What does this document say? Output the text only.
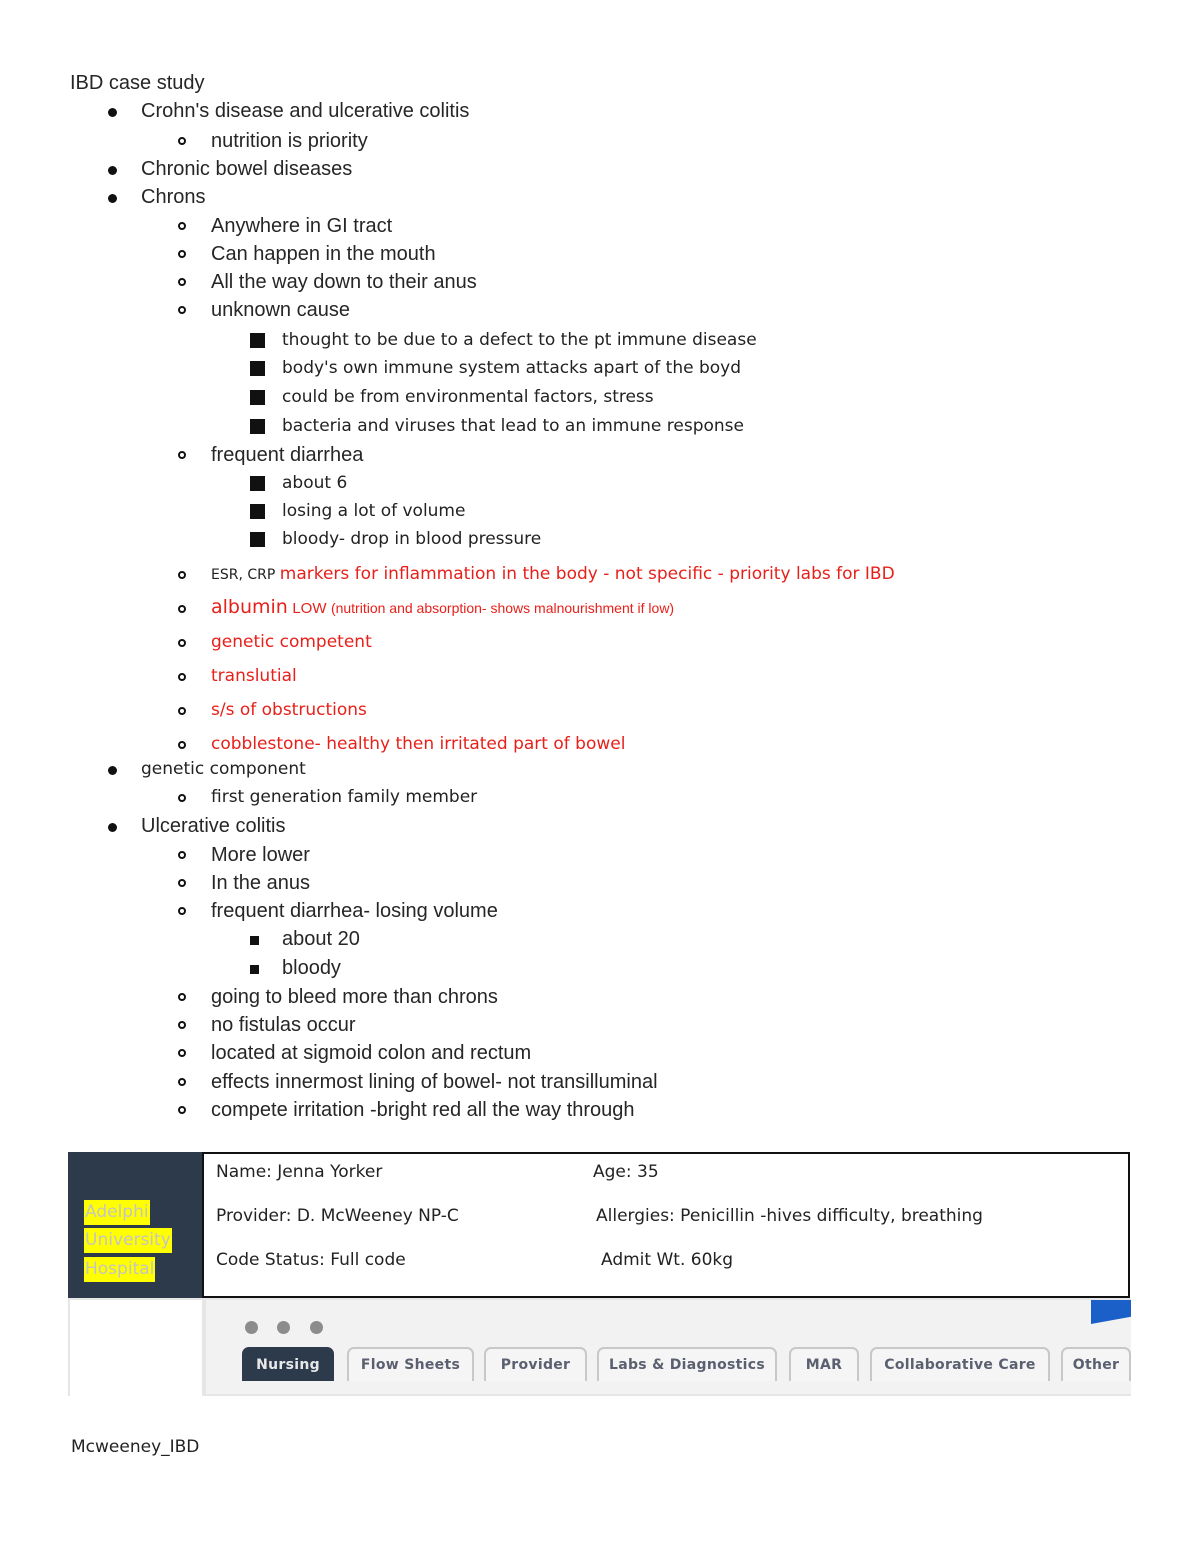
IBD case study
Crohn's disease and ulcerative colitis
nutrition is priority
Chronic bowel diseases
Chrons
Anywhere in GI tract
Can happen in the mouth
All the way down to their anus
unknown cause
thought to be due to a defect to the pt immune disease
body's own immune system attacks apart of the boyd
could be from environmental factors, stress
bacteria and viruses that lead to an immune response
frequent diarrhea
about 6
losing a lot of volume
bloody- drop in blood pressure
ESR, CRP markers for inflammation in the body - not specific - priority labs for IBD
albumin LOW (nutrition and absorption- shows malnourishment if low)
genetic competent
translutial
s/s of obstructions
cobblestone- healthy then irritated part of bowel
genetic component
first generation family member
Ulcerative colitis
More lower
In the anus
frequent diarrhea- losing volume
about 20
bloody
going to bleed more than chrons
no fistulas occur
located at sigmoid colon and rectum
effects innermost lining of bowel- not transilluminal
compete irritation -bright red all the way through
Adelphi
University
Hospital
Name: Jenna Yorker	Age: 35
Provider: D. McWeeney NP-C	Allergies: Penicillin -hives difficulty, breathing
Code Status: Full code	Admit Wt. 60kg
Nursing	Flow Sheets	Provider	Labs & Diagnostics	MAR	Collaborative Care	Other
Mcweeney_IBD
